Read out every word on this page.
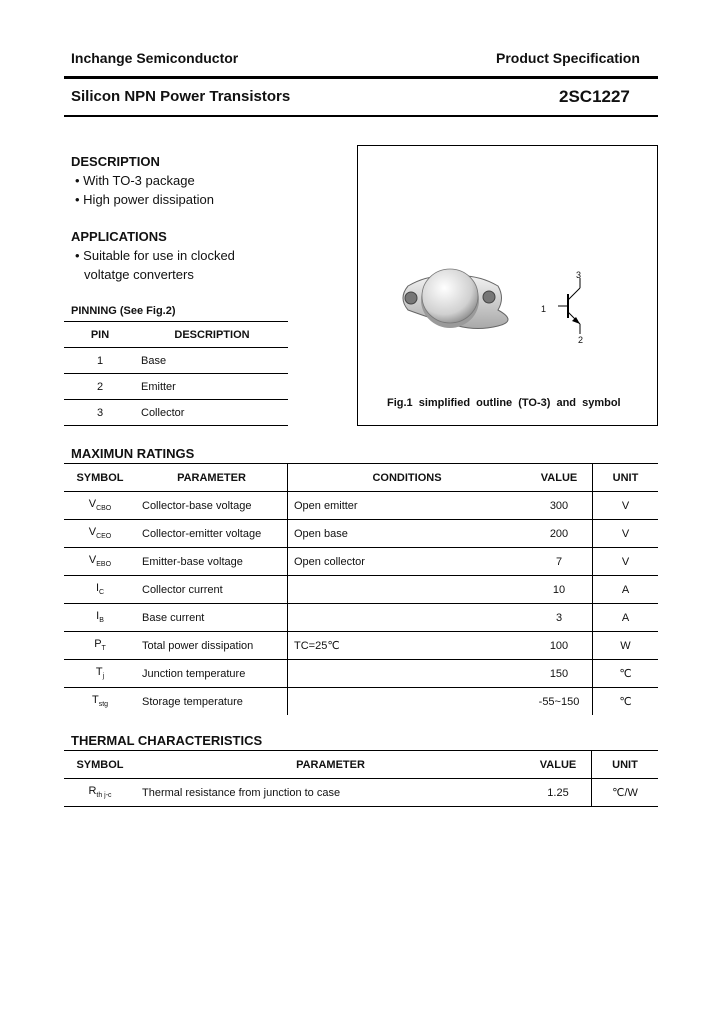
Inchange Semiconductor	Product Specification
Silicon NPN Power Transistors	2SC1227
DESCRIPTION
• With TO-3 package
• High power dissipation
APPLICATIONS
• Suitable for use in clocked
voltatge converters
PINNING (See Fig.2)
PIN	DESCRIPTION
1	Base
2	Emitter
3	Collector
1
2
3
Fig.1 simplified outline (TO-3) and symbol
MAXIMUN RATINGS
SYMBOL	PARAMETER	CONDITIONS	VALUE	UNIT
$V_{CBO}$	Collector-base voltage	Open emitter	300	V
$V_{CEO}$	Collector-emitter voltage	Open base	200	V
$V_{EBO}$	Emitter-base voltage	Open collector	7	V
$I_C$	Collector current		10	A
$I_B$	Base current		3	A
$P_T$	Total power dissipation	TC=25℃	100	W
$T_j$	Junction temperature		150	℃
$T_{stg}$	Storage temperature		-55~150	℃
THERMAL CHARACTERISTICS
SYMBOL	PARAMETER	VALUE	UNIT
$R_{th j-c}$	Thermal resistance from junction to case	1.25	℃/W
